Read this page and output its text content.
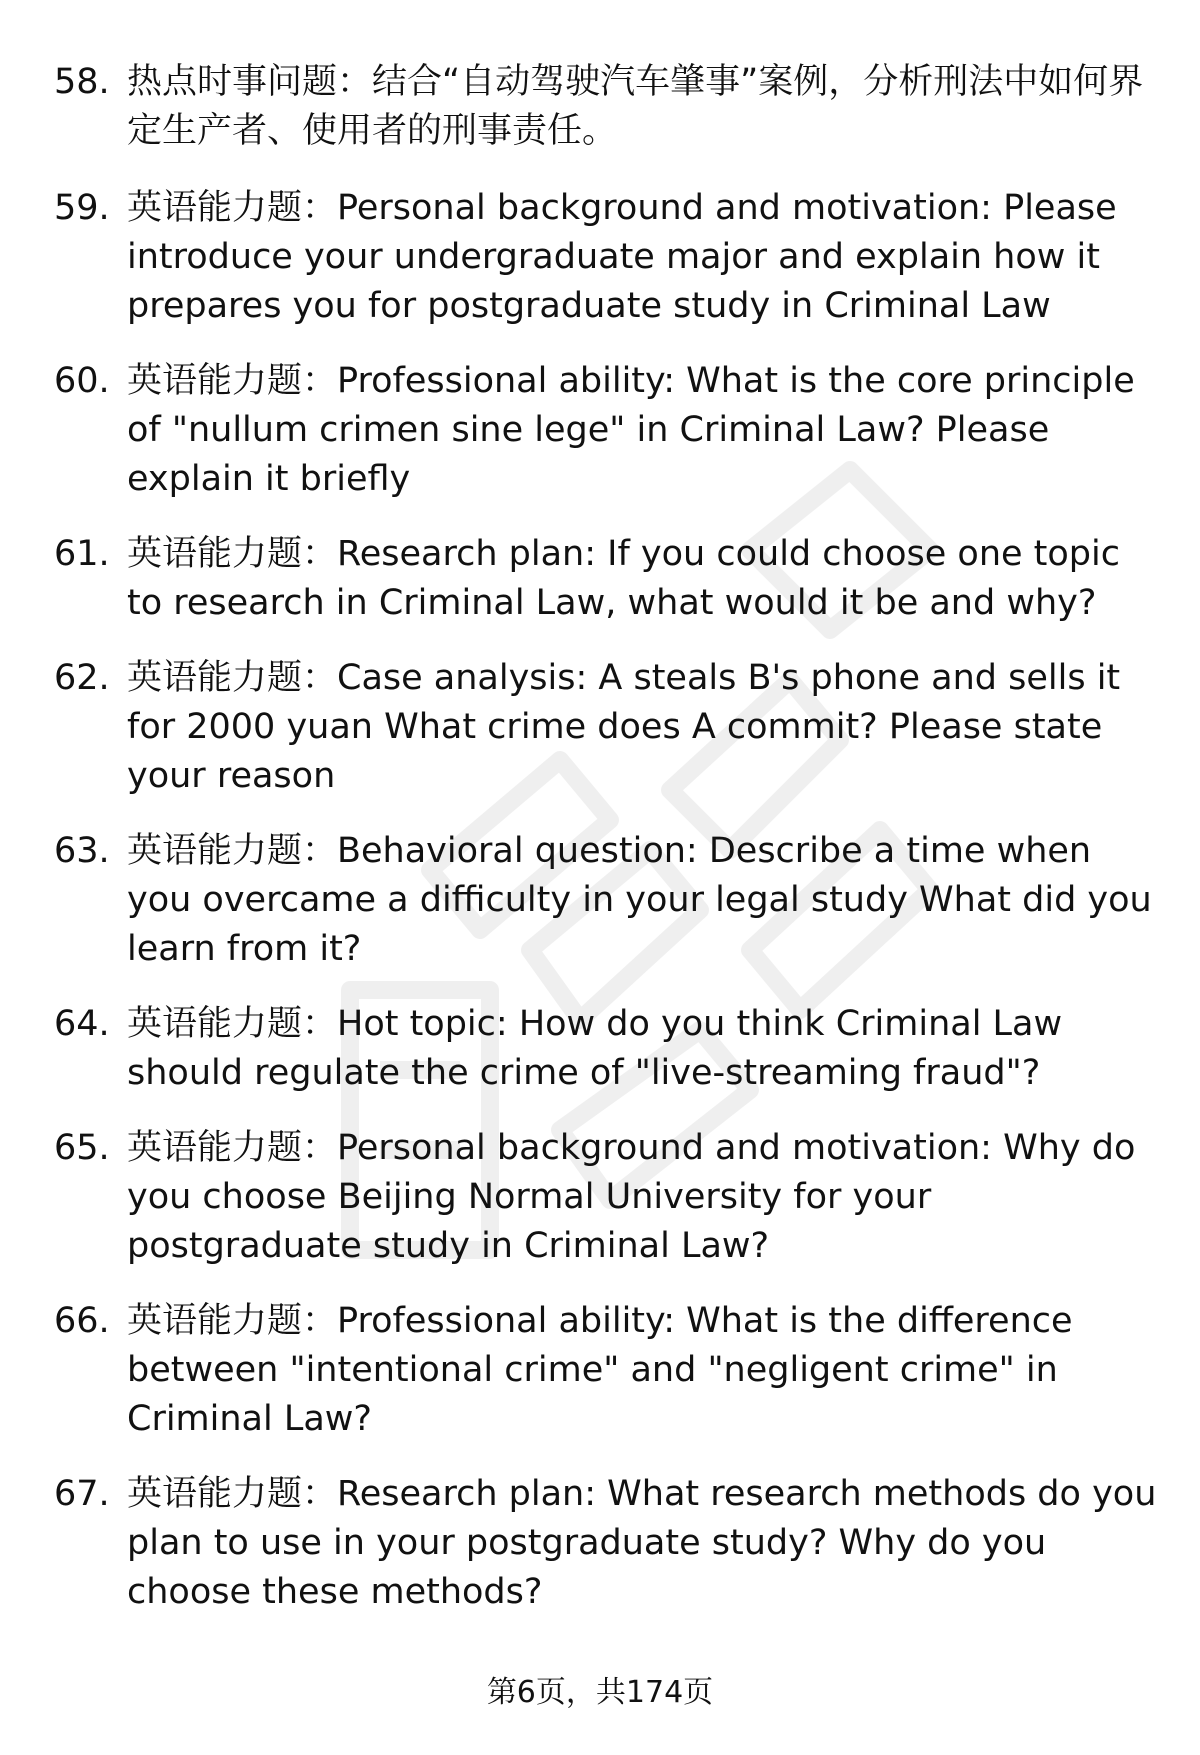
58. 热点时事问题：结合“自动驾驶汽车肇事”案例，分析刑法中如何界定生产者、使用者的刑事责任。
59. 英语能力题：Personal background and motivation: Please introduce your undergraduate major and explain how it prepares you for postgraduate study in Criminal Law
60. 英语能力题：Professional ability: What is the core principle of "nullum crimen sine lege" in Criminal Law? Please explain it briefly
61. 英语能力题：Research plan: If you could choose one topic to research in Criminal Law, what would it be and why?
62. 英语能力题：Case analysis: A steals B's phone and sells it for 2000 yuan What crime does A commit? Please state your reason
63. 英语能力题：Behavioral question: Describe a time when you overcame a difficulty in your legal study What did you learn from it?
64. 英语能力题：Hot topic: How do you think Criminal Law should regulate the crime of "live-streaming fraud"?
65. 英语能力题：Personal background and motivation: Why do you choose Beijing Normal University for your postgraduate study in Criminal Law?
66. 英语能力题：Professional ability: What is the difference between "intentional crime" and "negligent crime" in Criminal Law?
67. 英语能力题：Research plan: What research methods do you plan to use in your postgraduate study? Why do you choose these methods?
第6页，共174页
